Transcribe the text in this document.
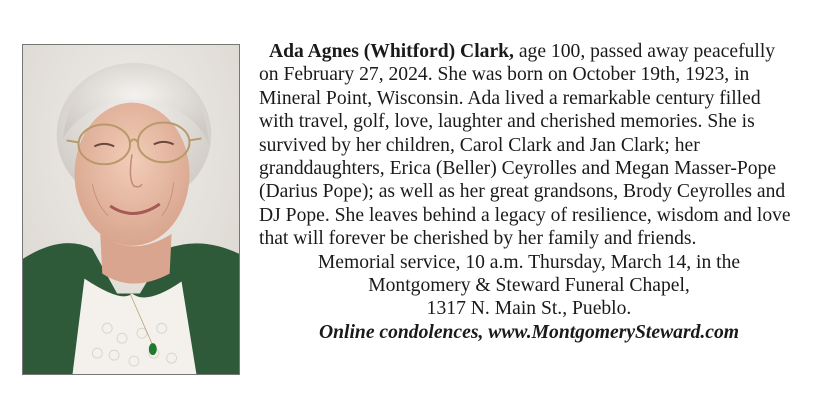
Ada Agnes (Whitford) Clark, age 100, passed away peacefully on February 27, 2024. She was born on October 19th, 1923, in Mineral Point, Wisconsin. Ada lived a remarkable century filled with travel, golf, love, laughter and cherished memories. She is survived by her children, Carol Clark and Jan Clark; her granddaughters, Erica (Beller) Ceyrolles and Megan Masser-Pope (Darius Pope); as well as her great grandsons, Brody Ceyrolles and DJ Pope. She leaves behind a legacy of resilience, wisdom and love that will forever be cherished by her family and friends.

Memorial service, 10 a.m. Thursday, March 14, in the
Montgomery & Steward Funeral Chapel,
1317 N. Main St., Pueblo.

Online condolences, www.MontgomerySteward.com
